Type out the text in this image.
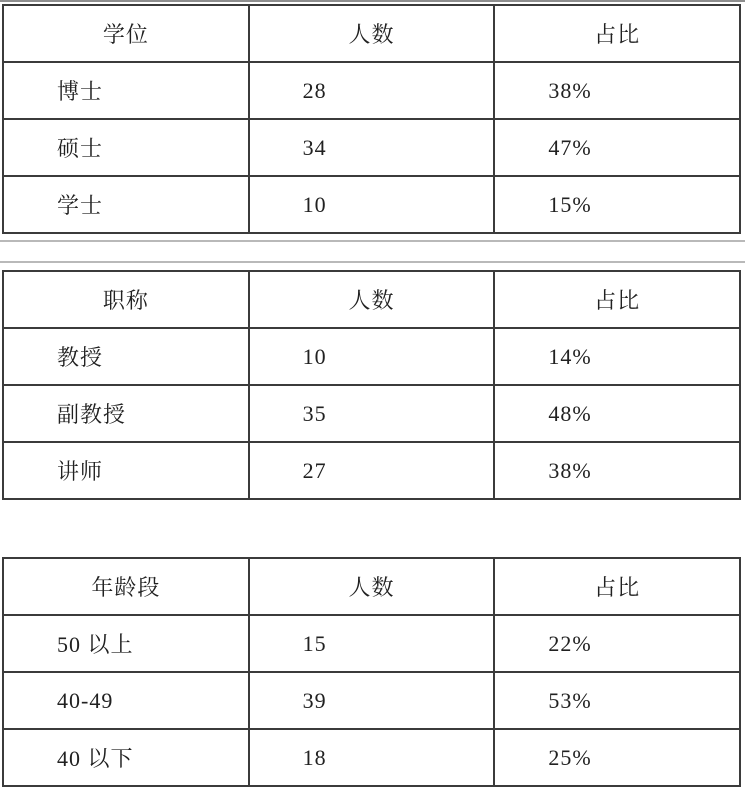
学位	人数	占比
博士	28	38%
硕士	34	47%
学士	10	15%
职称	人数	占比
教授	10	14%
副教授	35	48%
讲师	27	38%
年龄段	人数	占比
50 以上	15	22%
40-49	39	53%
40 以下	18	25%
